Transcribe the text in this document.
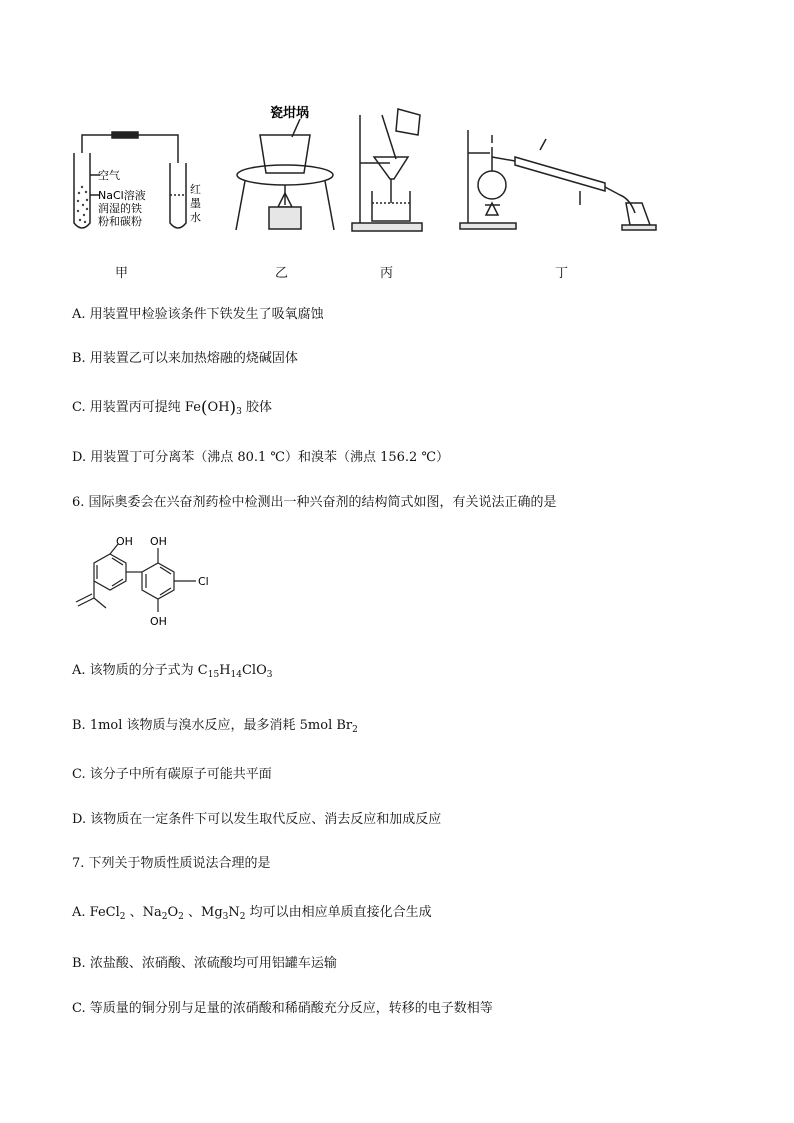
空气
NaCl溶液
润湿的铁
粉和碳粉
红
墨
水
瓷坩埚
甲	乙	丙	丁
A. 用装置甲检验该条件下铁发生了吸氧腐蚀
B. 用装置乙可以来加热熔融的烧碱固体
C. 用装置丙可提纯 $Fe(OH)_3$ 胶体
D. 用装置丁可分离苯（沸点 80.1 ℃）和溴苯（沸点 156.2 ℃）
6. 国际奥委会在兴奋剂药检中检测出一种兴奋剂的结构简式如图，有关说法正确的是
OH OH
OH
Cl
A. 该物质的分子式为 $C_{15}H_{14}ClO_3$
B. 1mol 该物质与溴水反应，最多消耗 5mol $Br_2$
C. 该分子中所有碳原子可能共平面
D. 该物质在一定条件下可以发生取代反应、消去反应和加成反应
7. 下列关于物质性质说法合理的是
A. FeCl$_2$ 、$Na_2O_2$ 、$Mg_3N_2$ 均可以由相应单质直接化合生成
B. 浓盐酸、浓硝酸、浓硫酸均可用铝罐车运输
C. 等质量的铜分别与足量的浓硝酸和稀硝酸充分反应，转移的电子数相等
